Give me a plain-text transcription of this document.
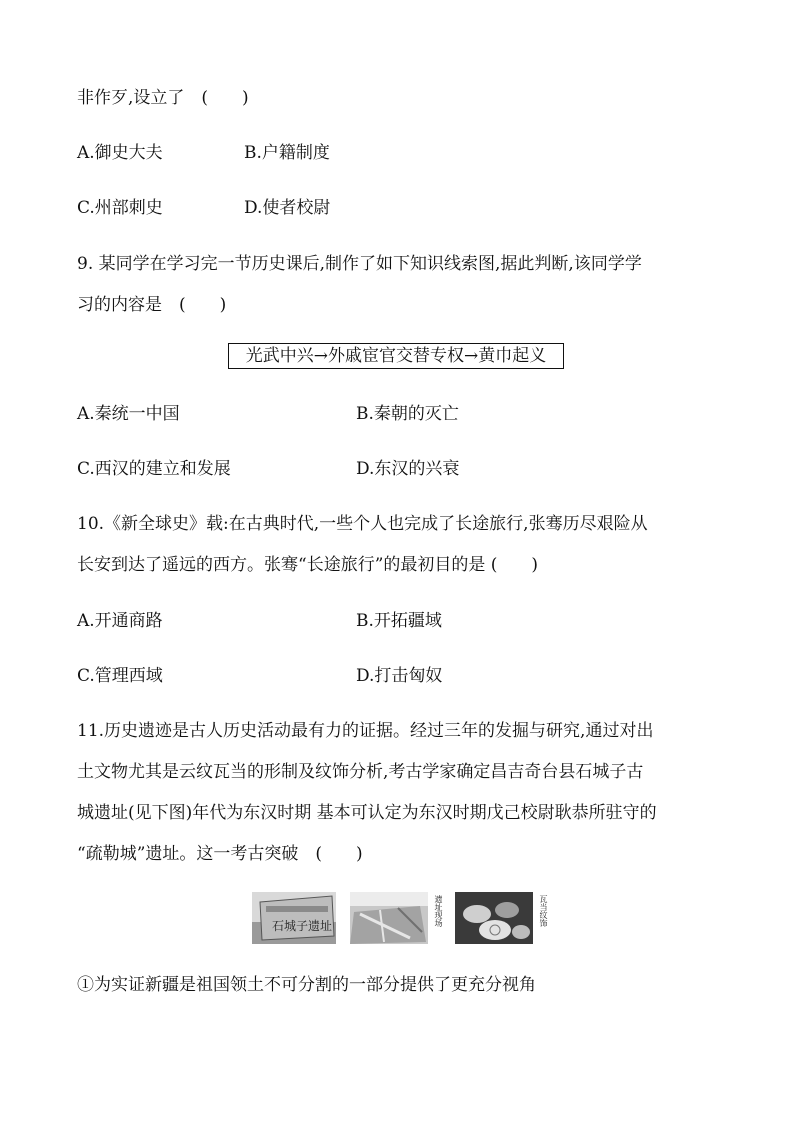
非作歹,设立了　(　　)
A.御史大夫	B.户籍制度
C.州部刺史	D.使者校尉
9. 某同学在学习完一节历史课后,制作了如下知识线索图,据此判断,该同学学
习的内容是　(　　)
光武中兴→外戚宦官交替专权→黄巾起义
A.秦统一中国	B.秦朝的灭亡
C.西汉的建立和发展	D.东汉的兴衰
10.《新全球史》载:在古典时代,一些个人也完成了长途旅行,张骞历尽艰险从
长安到达了遥远的西方。张骞“长途旅行”的最初目的是 (　　)
A.开通商路	B.开拓疆域
C.管理西域	D.打击匈奴
11.历史遗迹是古人历史活动最有力的证据。经过三年的发掘与研究,通过对出
土文物尤其是云纹瓦当的形制及纹饰分析,考古学家确定昌吉奇台县石城子古
城遗址(见下图)年代为东汉时期 基本可认定为东汉时期戊己校尉耿恭所驻守的
“疏勒城”遗址。这一考古突破　(　　)
石城子遗址	遗址现场	瓦当纹饰
①为实证新疆是祖国领土不可分割的一部分提供了更充分视角
